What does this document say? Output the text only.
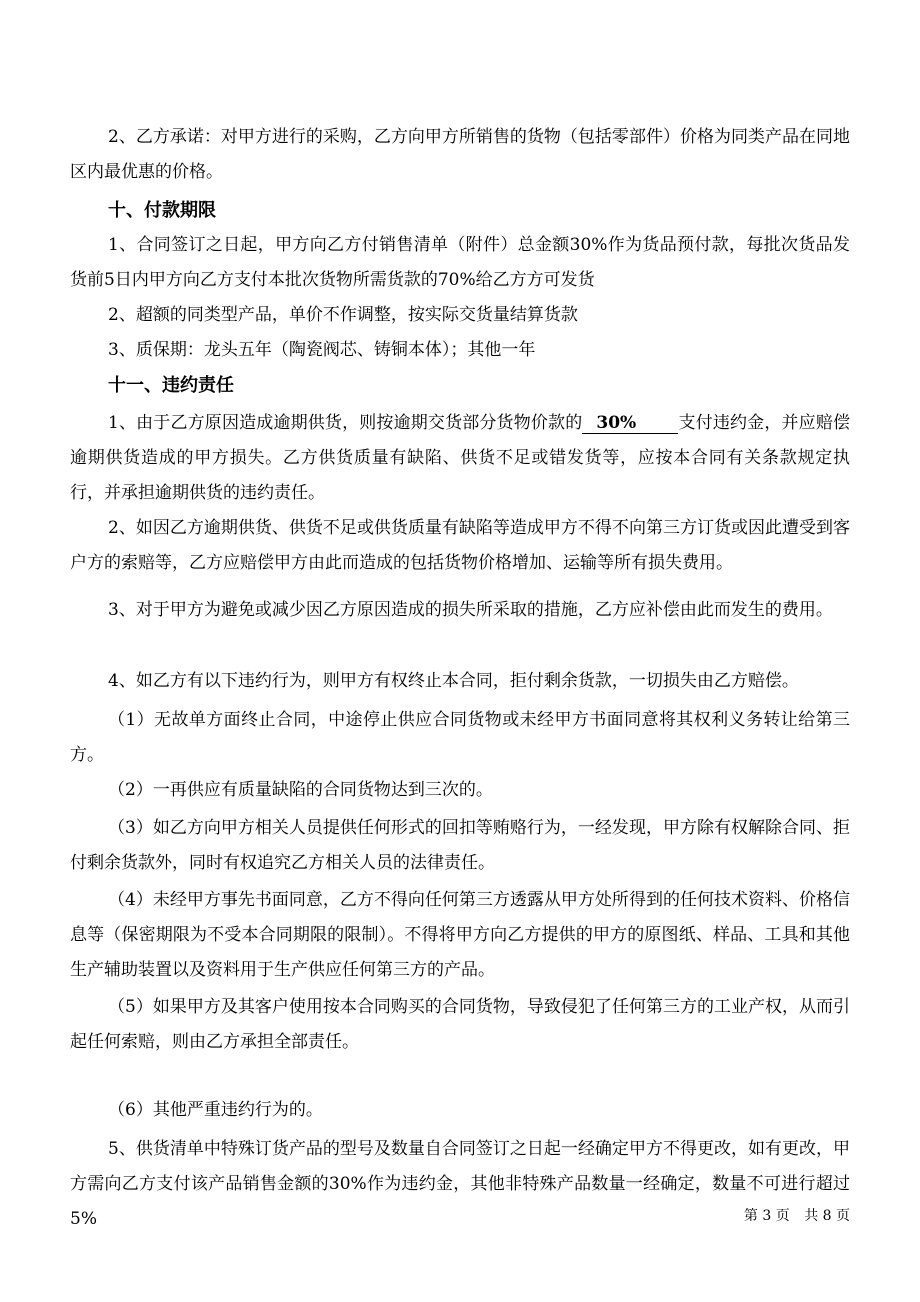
2、乙方承诺：对甲方进行的采购，乙方向甲方所销售的货物（包括零部件）价格为同类产品在同地区内最优惠的价格。

十、付款期限

1、合同签订之日起，甲方向乙方付销售清单（附件）总金额30%作为货品预付款，每批次货品发货前5日内甲方向乙方支付本批次货物所需货款的70%给乙方方可发货

2、超额的同类型产品，单价不作调整，按实际交货量结算货款

3、质保期：龙头五年（陶瓷阀芯、铸铜本体）；其他一年

十一、违约责任

1、由于乙方原因造成逾期供货，则按逾期交货部分货物价款的 30% 支付违约金，并应赔偿逾期供货造成的甲方损失。乙方供货质量有缺陷、供货不足或错发货等，应按本合同有关条款规定执行，并承担逾期供货的违约责任。

2、如因乙方逾期供货、供货不足或供货质量有缺陷等造成甲方不得不向第三方订货或因此遭受到客户方的索赔等，乙方应赔偿甲方由此而造成的包括货物价格增加、运输等所有损失费用。

3、对于甲方为避免或减少因乙方原因造成的损失所采取的措施，乙方应补偿由此而发生的费用。

4、如乙方有以下违约行为，则甲方有权终止本合同，拒付剩余货款，一切损失由乙方赔偿。

（1）无故单方面终止合同，中途停止供应合同货物或未经甲方书面同意将其权利义务转让给第三方。

（2）一再供应有质量缺陷的合同货物达到三次的。

（3）如乙方向甲方相关人员提供任何形式的回扣等贿赂行为，一经发现，甲方除有权解除合同、拒付剩余货款外，同时有权追究乙方相关人员的法律责任。

（4）未经甲方事先书面同意，乙方不得向任何第三方透露从甲方处所得到的任何技术资料、价格信息等（保密期限为不受本合同期限的限制）。不得将甲方向乙方提供的甲方的原图纸、样品、工具和其他生产辅助装置以及资料用于生产供应任何第三方的产品。

（5）如果甲方及其客户使用按本合同购买的合同货物，导致侵犯了任何第三方的工业产权，从而引起任何索赔，则由乙方承担全部责任。

（6）其他严重违约行为的。

5、供货清单中特殊订货产品的型号及数量自合同签订之日起一经确定甲方不得更改，如有更改，甲方需向乙方支付该产品销售金额的30%作为违约金，其他非特殊产品数量一经确定，数量不可进行超过5%	第 3 页 共 8 页
